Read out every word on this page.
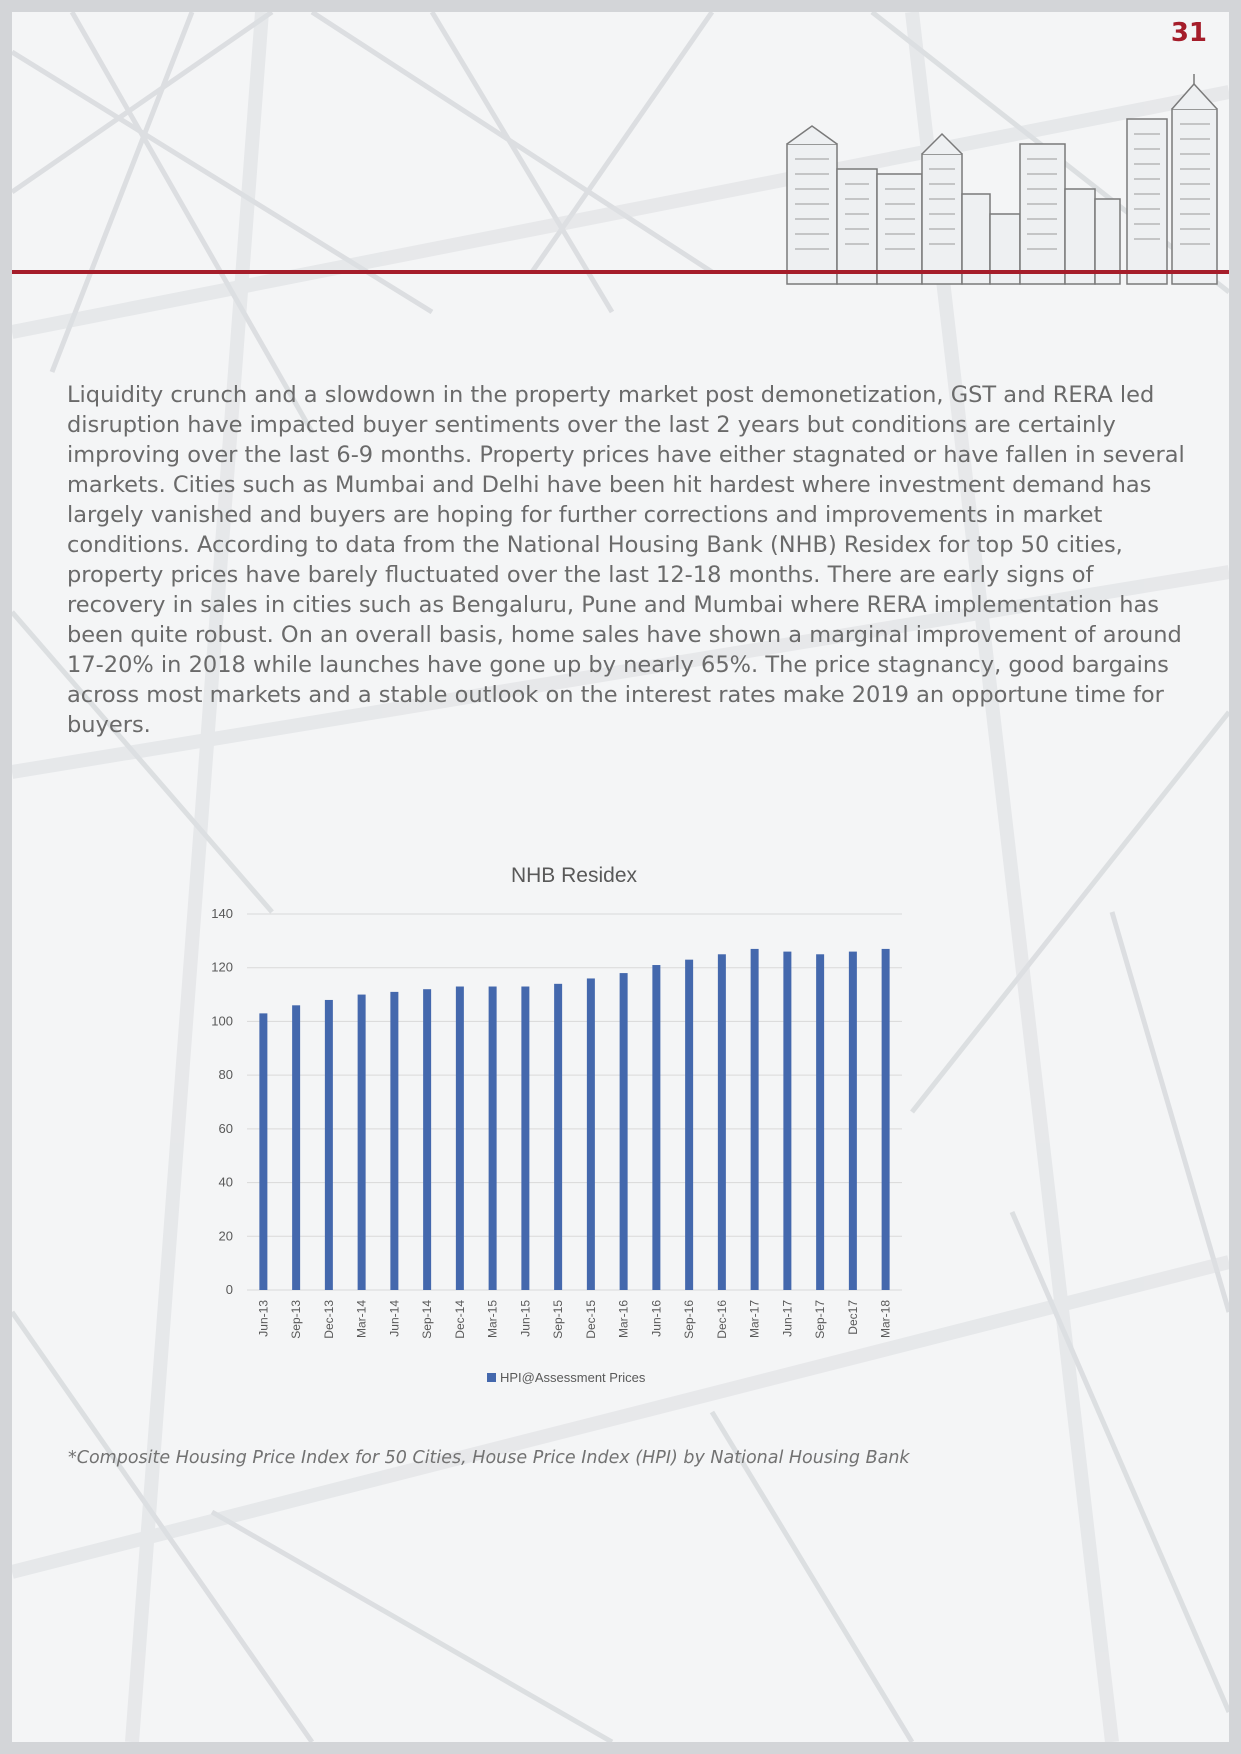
31

Liquidity crunch and a slowdown in the property market post demonetization, GST and RERA led disruption have impacted buyer sentiments over the last 2 years but conditions are certainly improving over the last 6-9 months. Property prices have either stagnated or have fallen in several markets. Cities such as Mumbai and Delhi have been hit hardest where investment demand has largely vanished and buyers are hoping for further corrections and improvements in market conditions. According to data from the National Housing Bank (NHB) Residex for top 50 cities, property prices have barely fluctuated over the last 12-18 months. There are early signs of recovery in sales in cities such as Bengaluru, Pune and Mumbai where RERA implementation has been quite robust. On an overall basis, home sales have shown a marginal improvement of around 17-20% in 2018 while launches have gone up by nearly 65%. The price stagnancy, good bargains across most markets and a stable outlook on the interest rates make 2019 an opportune time for buyers.

NHB Residex
0
20
40
60
80
100
120
140
Jun-13 Sep-13 Dec-13 Mar-14 Jun-14 Sep-14 Dec-14 Mar-15 Jun-15 Sep-15 Dec-15 Mar-16 Jun-16 Sep-16 Dec-16 Mar-17 Jun-17 Sep-17 Dec17 Mar-18
HPI@Assessment Prices

*Composite Housing Price Index for 50 Cities, House Price Index (HPI) by National Housing Bank
